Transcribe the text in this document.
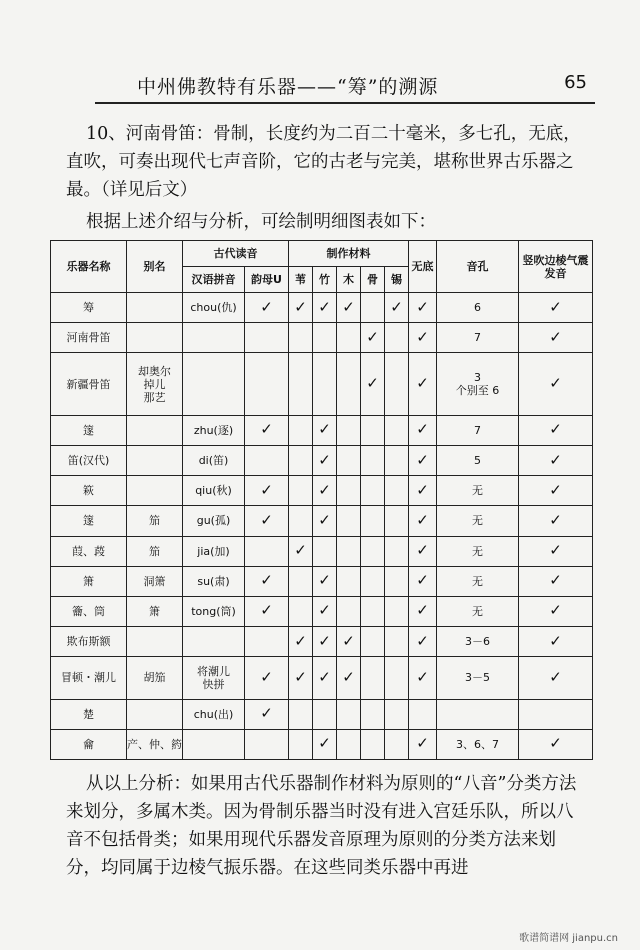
中州佛教特有乐器——“筹”的溯源	65

10、河南骨笛：骨制，长度约为二百二十毫米，多七孔，无底，直吹，可奏出现代七声音阶，它的古老与完美，堪称世界古乐器之最。（详见后文）

根据上述介绍与分析，可绘制明细图表如下：

乐器名称	别名	古代读音		制作材料					无底	音孔	竖吹边棱气震发音
		汉语拼音	韵母U	苇	竹	木	骨	锡			
筹		chou(仇)	✓	✓	✓	✓		✓	✓	6	✓
河南骨笛							✓		✓	7	✓
新疆骨笛	却奥尔
掉儿
那艺						✓		✓	3
个别至 6	✓
篴		zhu(逐)	✓		✓				✓	7	✓
笛(汉代)		di(笛)			✓				✓	5	✓
篍		qiu(秋)	✓		✓				✓	无	✓
篴	笳	gu(孤)	✓		✓				✓	无	✓
葭、葮	笳	jia(加)		✓					✓	无	✓
箫	洞箫	su(肃)	✓		✓				✓	无	✓
籥、筒	箫	tong(筒)	✓		✓				✓	无	✓
欺布斯额				✓	✓	✓			✓	3－6	✓
冒顿・潮儿	胡笳	将潮儿
快拼	✓	✓	✓	✓			✓	3－5	✓
楚		chu(出)	✓								
龠	产、仲、箹				✓				✓	3、6、7	✓

从以上分析：如果用古代乐器制作材料为原则的“八音”分类方法来划分，多属木类。因为骨制乐器当时没有进入宫廷乐队，所以八音不包括骨类；如果用现代乐器发音原理为原则的分类方法来划分，均同属于边棱气振乐器。在这些同类乐器中再进

歌谱简谱网 jianpu.cn
